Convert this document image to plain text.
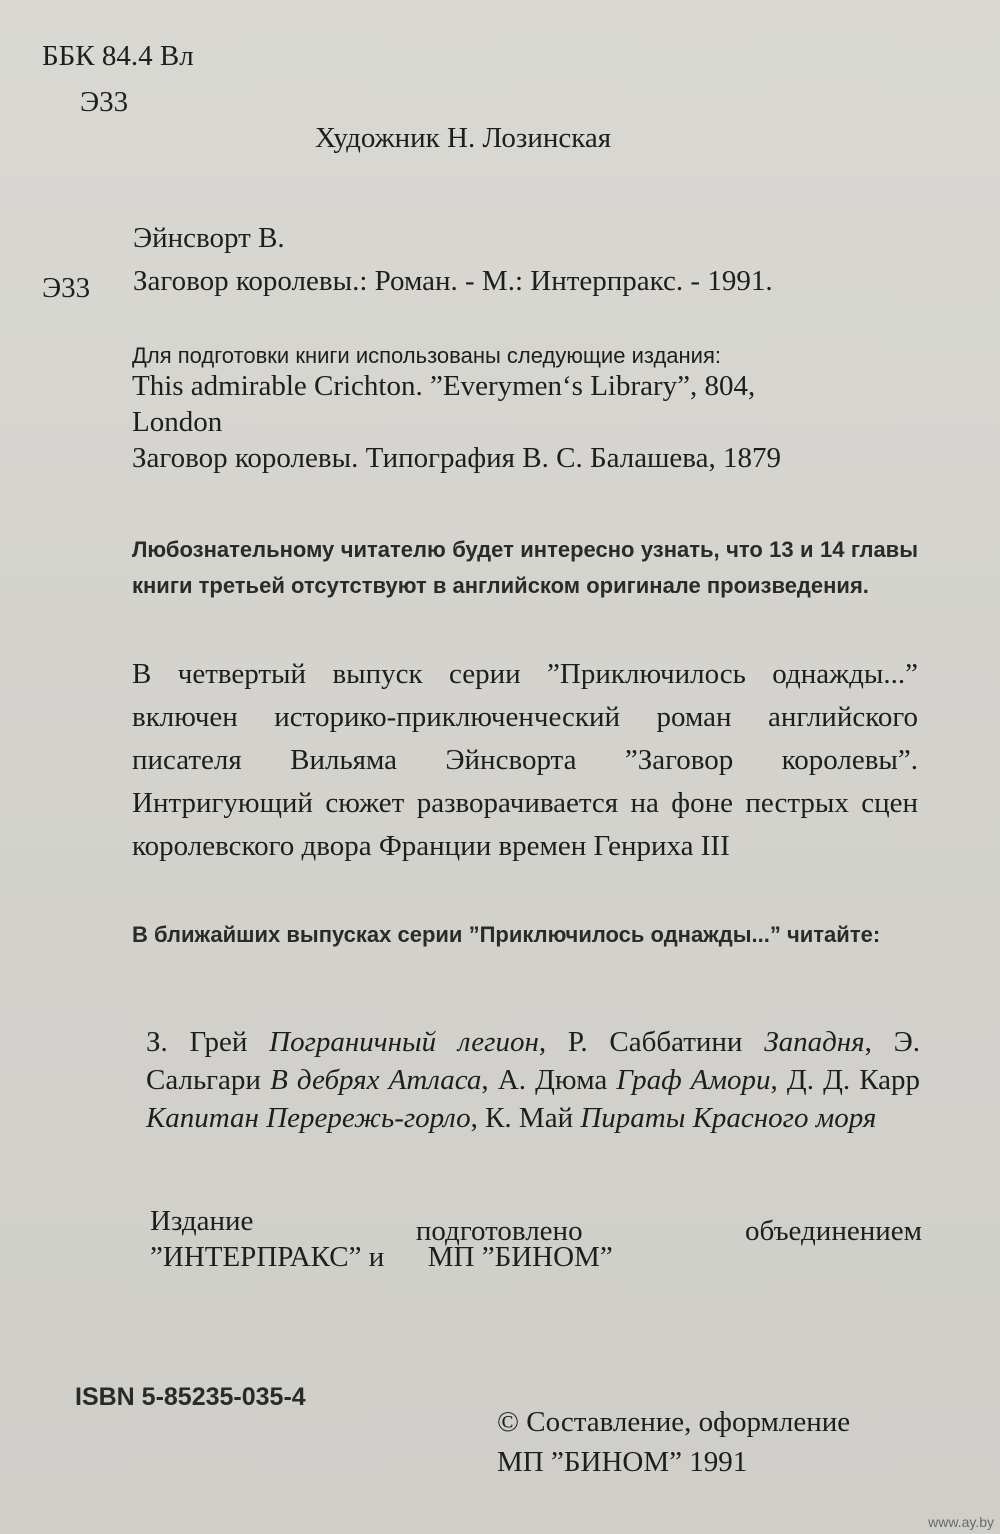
ББК 84.4 Вл
Э33
Художник Н. Лозинская
Эйнсворт В.
Э33 Заговор королевы.: Роман. - М.: Интерпракс. - 1991.
Для подготовки книги использованы следующие издания:
This admirable Crichton. ”Everymen‘s Library”, 804,
London
Заговор королевы. Типография В. С. Балашева, 1879
Любознательному читателю будет интересно узнать, что 13 и 14 главы книги третьей отсутствуют в английском оригинале произведения.
В четвертый выпуск серии ”Приключилось однажды...” включен историко-приключенческий роман английского писателя Вильяма Эйнсворта ”Заговор королевы”. Интригующий сюжет разворачивается на фоне пестрых сцен королевского двора Франции времен Генриха III
В ближайших выпусках серии ”Приключилось однажды...” читайте:
З. Грей Пограничный легион, Р. Саббатини Западня, Э. Сальгари В дебрях Атласа, А. Дюма Граф Амори, Д. Д. Карр Капитан Перережь-горло, К. Май Пираты Красного моря
Издание	подготовлено	объединением
”ИНТЕРПРАКС” и      МП ”БИНОМ”
ISBN 5-85235-035-4
© Составление, оформление
МП ”БИНОМ” 1991
www.ay.by
